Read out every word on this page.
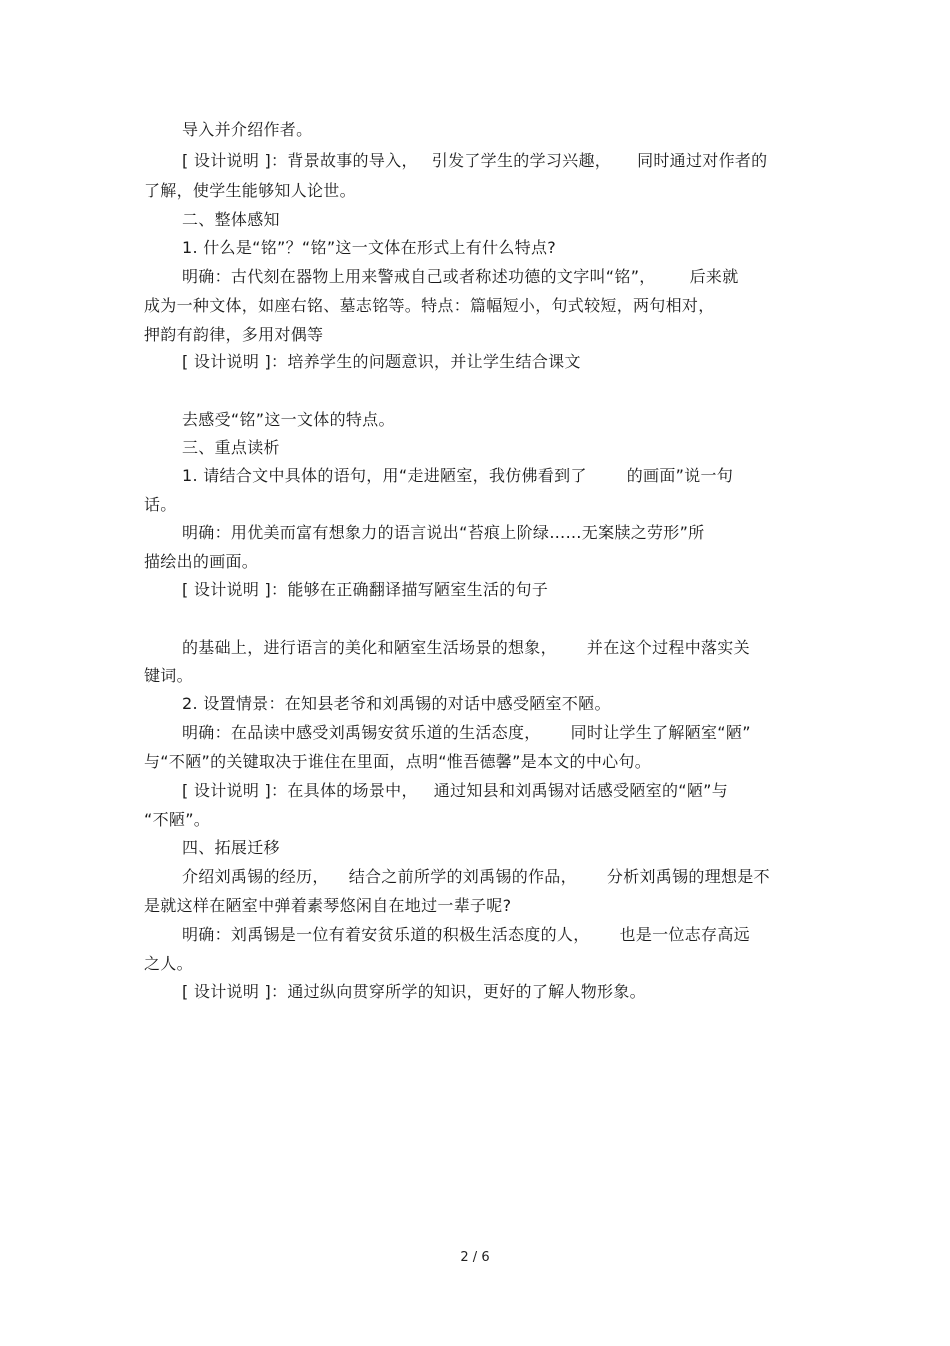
导入并介绍作者。
[ 设计说明 ]：背景故事的导入， 引发了学生的学习兴趣， 同时通过对作者的
了解，使学生能够知人论世。
二、整体感知
1. 什么是“铭”？“铭”这一文体在形式上有什么特点?
明确：古代刻在器物上用来警戒自己或者称述功德的文字叫“铭”， 后来就
成为一种文体，如座右铭、墓志铭等。特点：篇幅短小，句式较短，两句相对，
押韵有韵律，多用对偶等
[ 设计说明 ]：培养学生的问题意识，并让学生结合课文
去感受“铭”这一文体的特点。
三、重点读析
1. 请结合文中具体的语句，用“走进陋室，我仿佛看到了	的画面”说一句
话。
明确：用优美而富有想象力的语言说出“苔痕上阶绿……无案牍之劳形”所
描绘出的画面。
[ 设计说明 ]：能够在正确翻译描写陋室生活的句子
的基础上，进行语言的美化和陋室生活场景的想象， 并在这个过程中落实关
键词。
2. 设置情景：在知县老爷和刘禹锡的对话中感受陋室不陋。
明确：在品读中感受刘禹锡安贫乐道的生活态度， 同时让学生了解陋室“陋”
与“不陋”的关键取决于谁住在里面，点明“惟吾德馨”是本文的中心句。
[ 设计说明 ]：在具体的场景中， 通过知县和刘禹锡对话感受陋室的“陋”与
“不陋”。
四、拓展迁移
介绍刘禹锡的经历， 结合之前所学的刘禹锡的作品， 分析刘禹锡的理想是不
是就这样在陋室中弹着素琴悠闲自在地过一辈子呢?
明确：刘禹锡是一位有着安贫乐道的积极生活态度的人， 也是一位志存高远
之人。
[ 设计说明 ]：通过纵向贯穿所学的知识，更好的了解人物形象。
2 / 6
